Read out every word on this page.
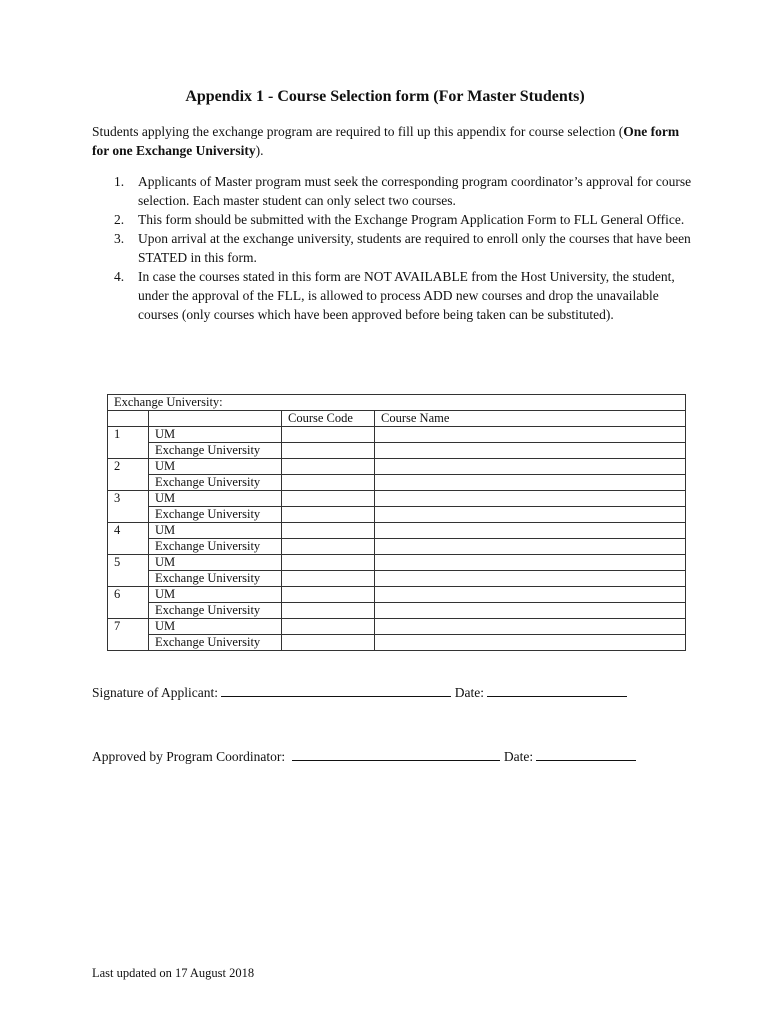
Appendix 1 - Course Selection form (For Master Students)
Students applying the exchange program are required to fill up this appendix for course selection (One form for one Exchange University).
1. Applicants of Master program must seek the corresponding program coordinator’s approval for course selection. Each master student can only select two courses.
2. This form should be submitted with the Exchange Program Application Form to FLL General Office.
3. Upon arrival at the exchange university, students are required to enroll only the courses that have been STATED in this form.
4. In case the courses stated in this form are NOT AVAILABLE from the Host University, the student, under the approval of the FLL, is allowed to process ADD new courses and drop the unavailable courses (only courses which have been approved before being taken can be substituted).
Exchange University:			
		Course Code	Course Name
1	UM		
	Exchange University		
2	UM		
	Exchange University		
3	UM		
	Exchange University		
4	UM		
	Exchange University		
5	UM		
	Exchange University		
6	UM		
	Exchange University		
7	UM		
	Exchange University		
Signature of Applicant:	Date:
Approved by Program Coordinator:	Date:
Last updated on 17 August 2018
